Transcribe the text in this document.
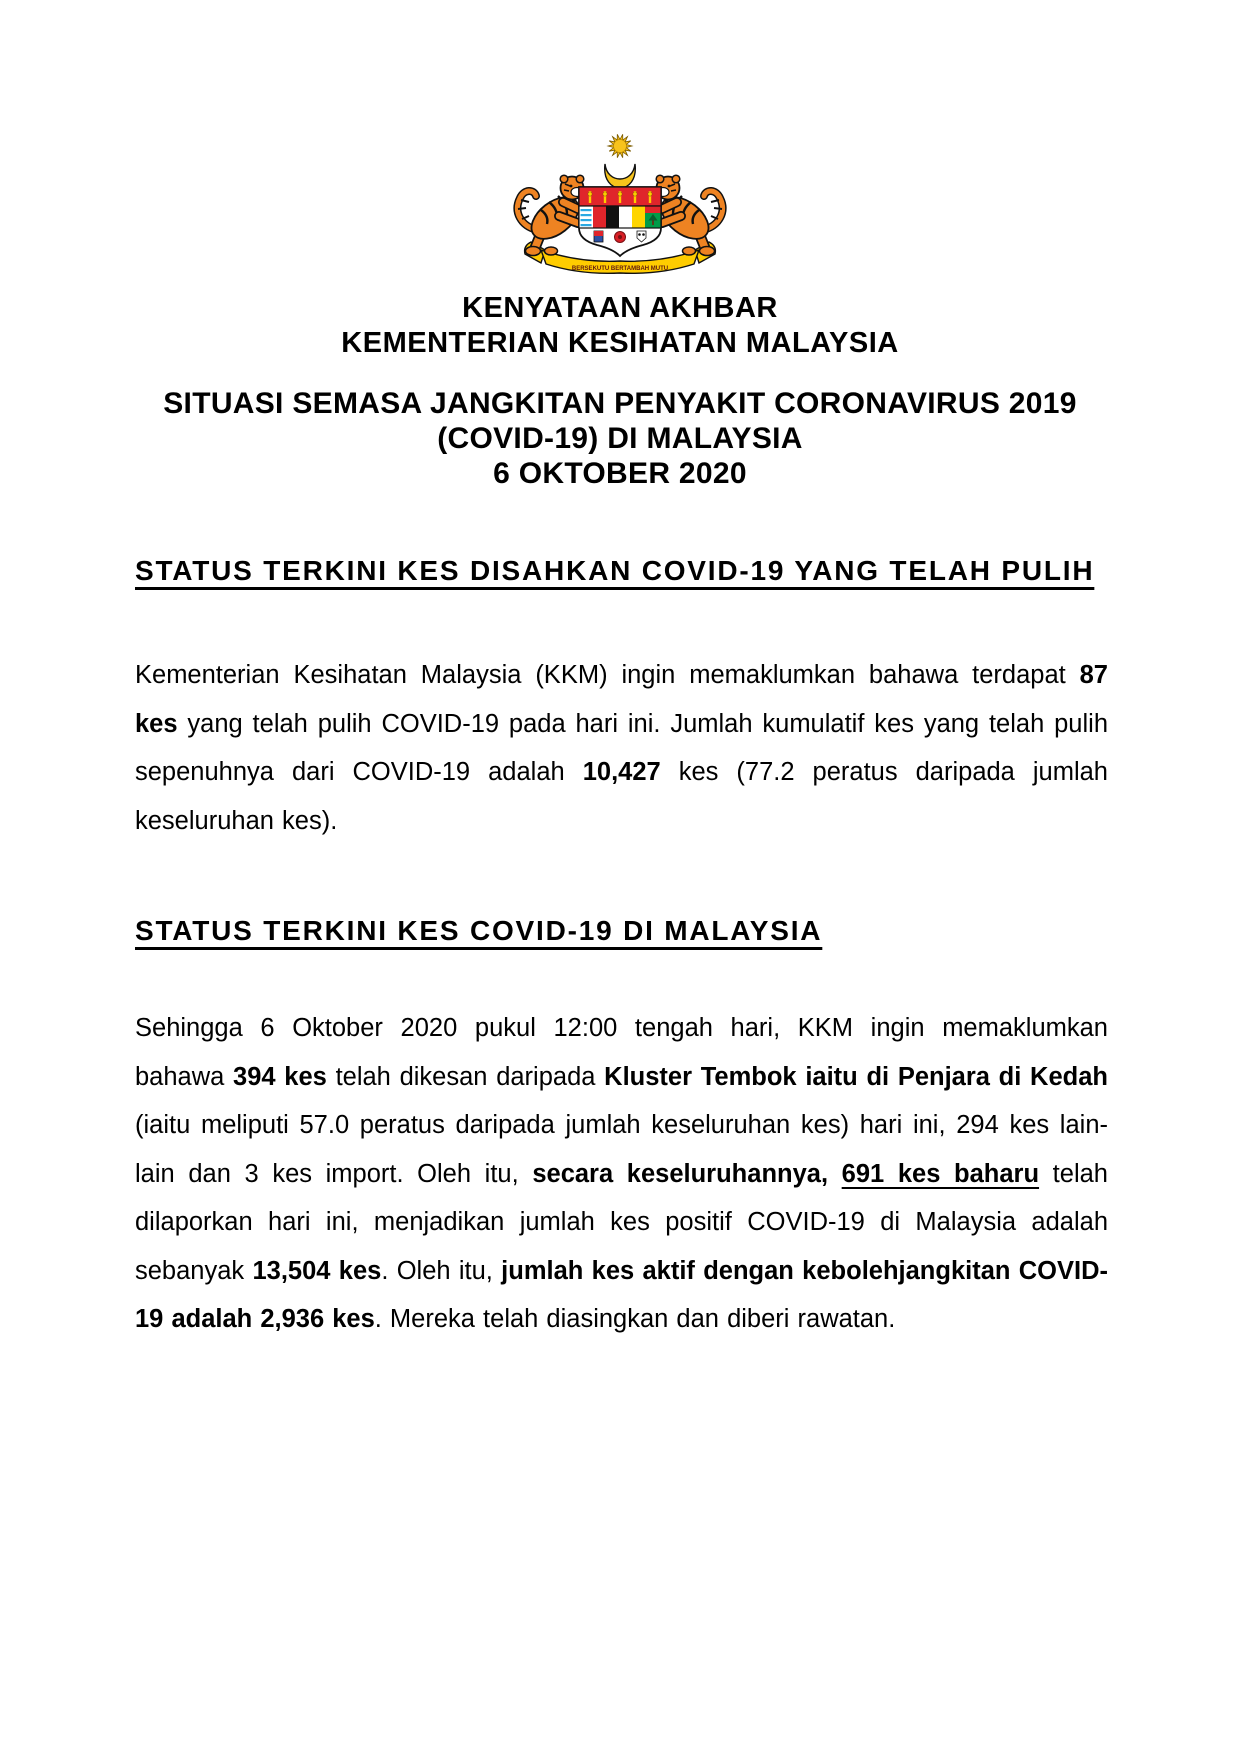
BERSEKUTU BERTAMBAH MUTU
KENYATAAN AKHBAR
KEMENTERIAN KESIHATAN MALAYSIA
SITUASI SEMASA JANGKITAN PENYAKIT CORONAVIRUS 2019
(COVID-19) DI MALAYSIA
6 OKTOBER 2020
STATUS TERKINI KES DISAHKAN COVID-19 YANG TELAH PULIH

Kementerian Kesihatan Malaysia (KKM) ingin memaklumkan bahawa terdapat 87 kes yang telah pulih COVID-19 pada hari ini. Jumlah kumulatif kes yang telah pulih sepenuhnya dari COVID-19 adalah 10,427 kes (77.2 peratus daripada jumlah keseluruhan kes).

STATUS TERKINI KES COVID-19 DI MALAYSIA

Sehingga 6 Oktober 2020 pukul 12:00 tengah hari, KKM ingin memaklumkan bahawa 394 kes telah dikesan daripada Kluster Tembok iaitu di Penjara di Kedah (iaitu meliputi 57.0 peratus daripada jumlah keseluruhan kes) hari ini, 294 kes lain-lain dan 3 kes import. Oleh itu, secara keseluruhannya, 691 kes baharu telah dilaporkan hari ini, menjadikan jumlah kes positif COVID-19 di Malaysia adalah sebanyak 13,504 kes. Oleh itu, jumlah kes aktif dengan kebolehjangkitan COVID-19 adalah 2,936 kes. Mereka telah diasingkan dan diberi rawatan.
